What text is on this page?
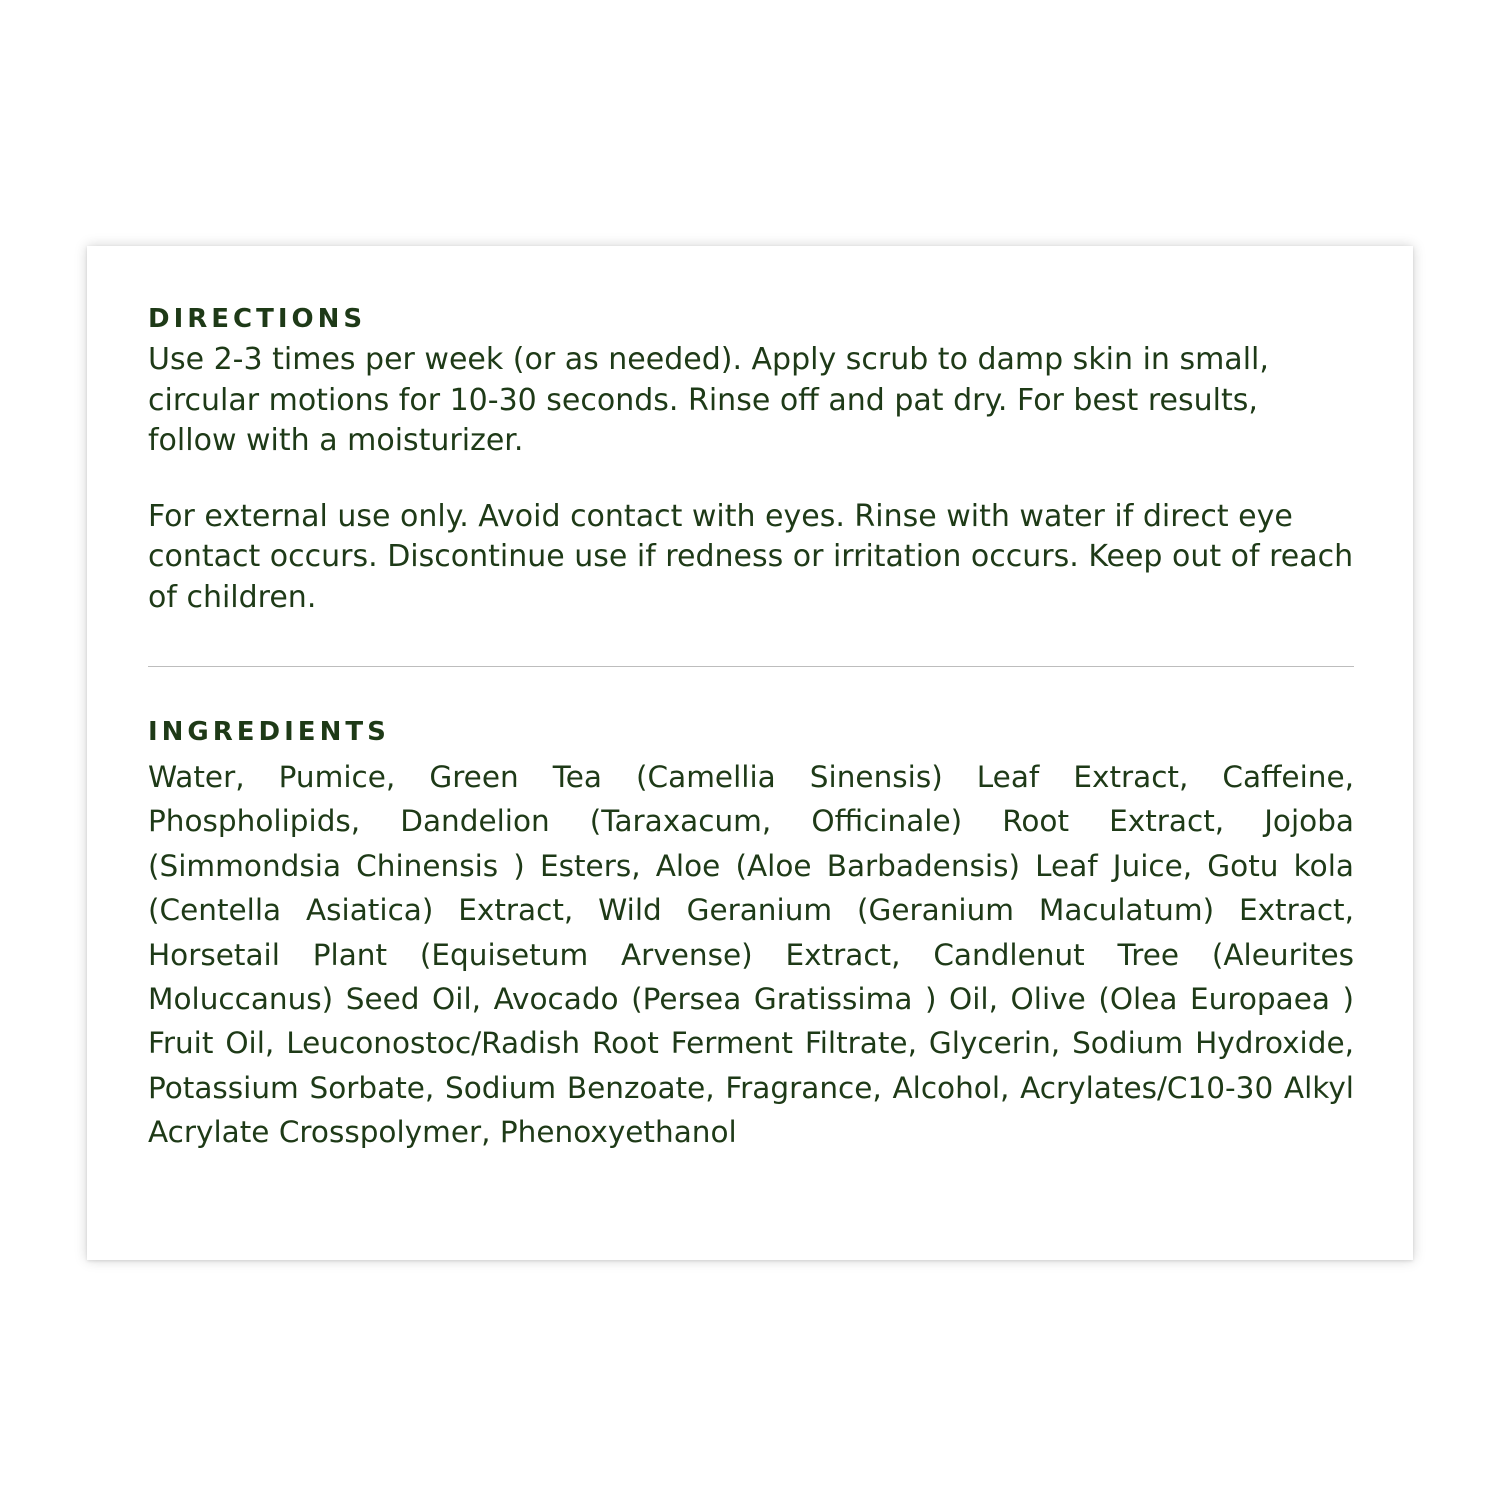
DIRECTIONS

Use 2-3 times per week (or as needed). Apply scrub to damp skin in small, circular motions for 10-30 seconds. Rinse off and pat dry. For best results, follow with a moisturizer.

For external use only. Avoid contact with eyes. Rinse with water if direct eye contact occurs. Discontinue use if redness or irritation occurs. Keep out of reach of children.

INGREDIENTS

Water, Pumice, Green Tea (Camellia Sinensis) Leaf Extract, Caffeine, Phospholipids, Dandelion (Taraxacum, Officinale) Root Extract, Jojoba (Simmondsia Chinensis ) Esters, Aloe (Aloe Barbadensis) Leaf Juice, Gotu kola (Centella Asiatica) Extract, Wild Geranium (Geranium Maculatum) Extract, Horsetail Plant (Equisetum Arvense) Extract, Candlenut Tree (Aleurites Moluccanus) Seed Oil, Avocado (Persea Gratissima ) Oil, Olive (Olea Europaea ) Fruit Oil, Leuconostoc/Radish Root Ferment Filtrate, Glycerin, Sodium Hydroxide, Potassium Sorbate, Sodium Benzoate, Fragrance, Alcohol, Acrylates/C10-30 Alkyl Acrylate Crosspolymer, Phenoxyethanol
